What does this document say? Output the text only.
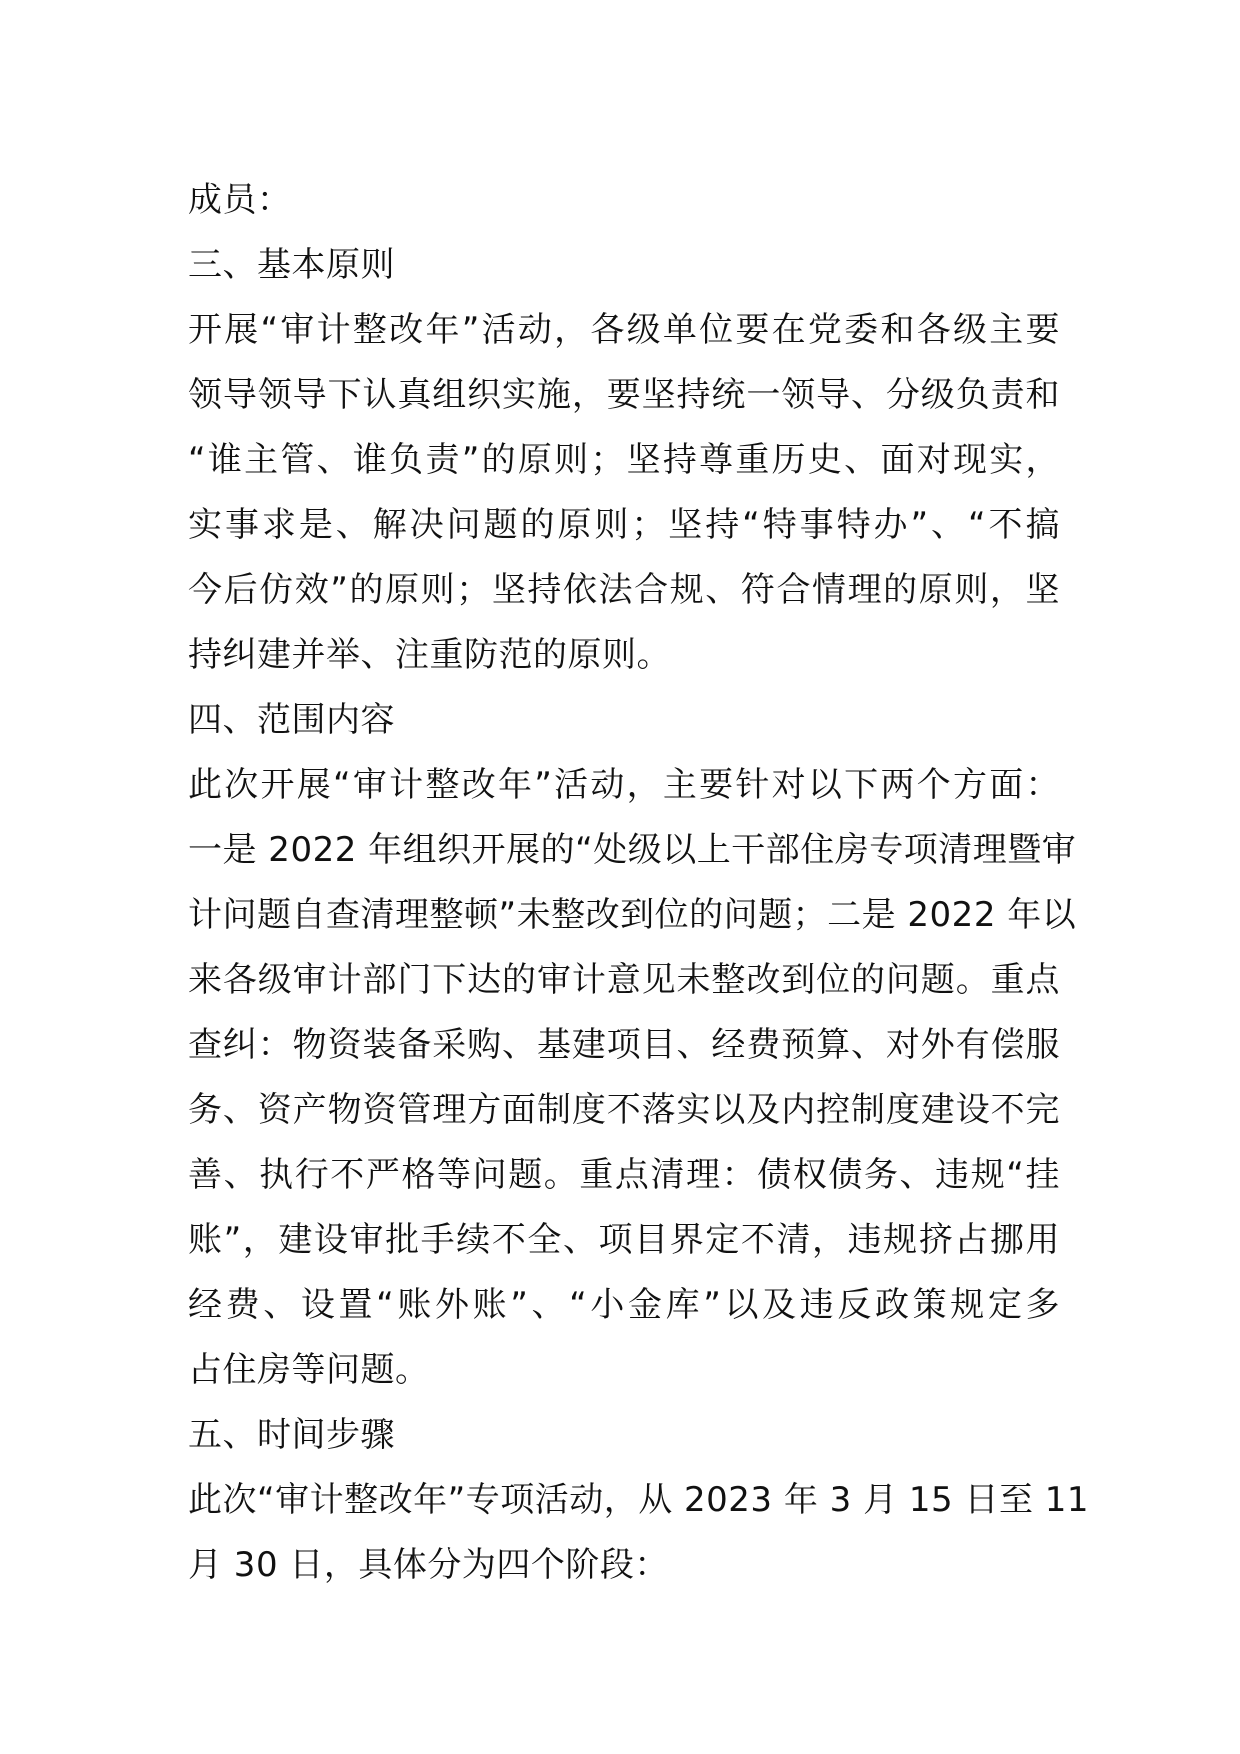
成员：
三、基本原则
开展“审计整改年”活动，各级单位要在党委和各级主要
领导领导下认真组织实施，要坚持统一领导、分级负责和
“谁主管、谁负责”的原则；坚持尊重历史、面对现实，
实事求是、解决问题的原则；坚持“特事特办”、“不搞
今后仿效”的原则；坚持依法合规、符合情理的原则，坚
持纠建并举、注重防范的原则。
四、范围内容
此次开展“审计整改年”活动，主要针对以下两个方面：
一是 2022 年组织开展的“处级以上干部住房专项清理暨审
计问题自查清理整顿”未整改到位的问题；二是 2022 年以
来各级审计部门下达的审计意见未整改到位的问题。重点
查纠：物资装备采购、基建项目、经费预算、对外有偿服
务、资产物资管理方面制度不落实以及内控制度建设不完
善、执行不严格等问题。重点清理：债权债务、违规“挂
账”，建设审批手续不全、项目界定不清，违规挤占挪用
经费、设置“账外账”、“小金库”以及违反政策规定多
占住房等问题。
五、时间步骤
此次“审计整改年”专项活动，从 2023 年 3 月 15 日至 11
月 30 日，具体分为四个阶段：
